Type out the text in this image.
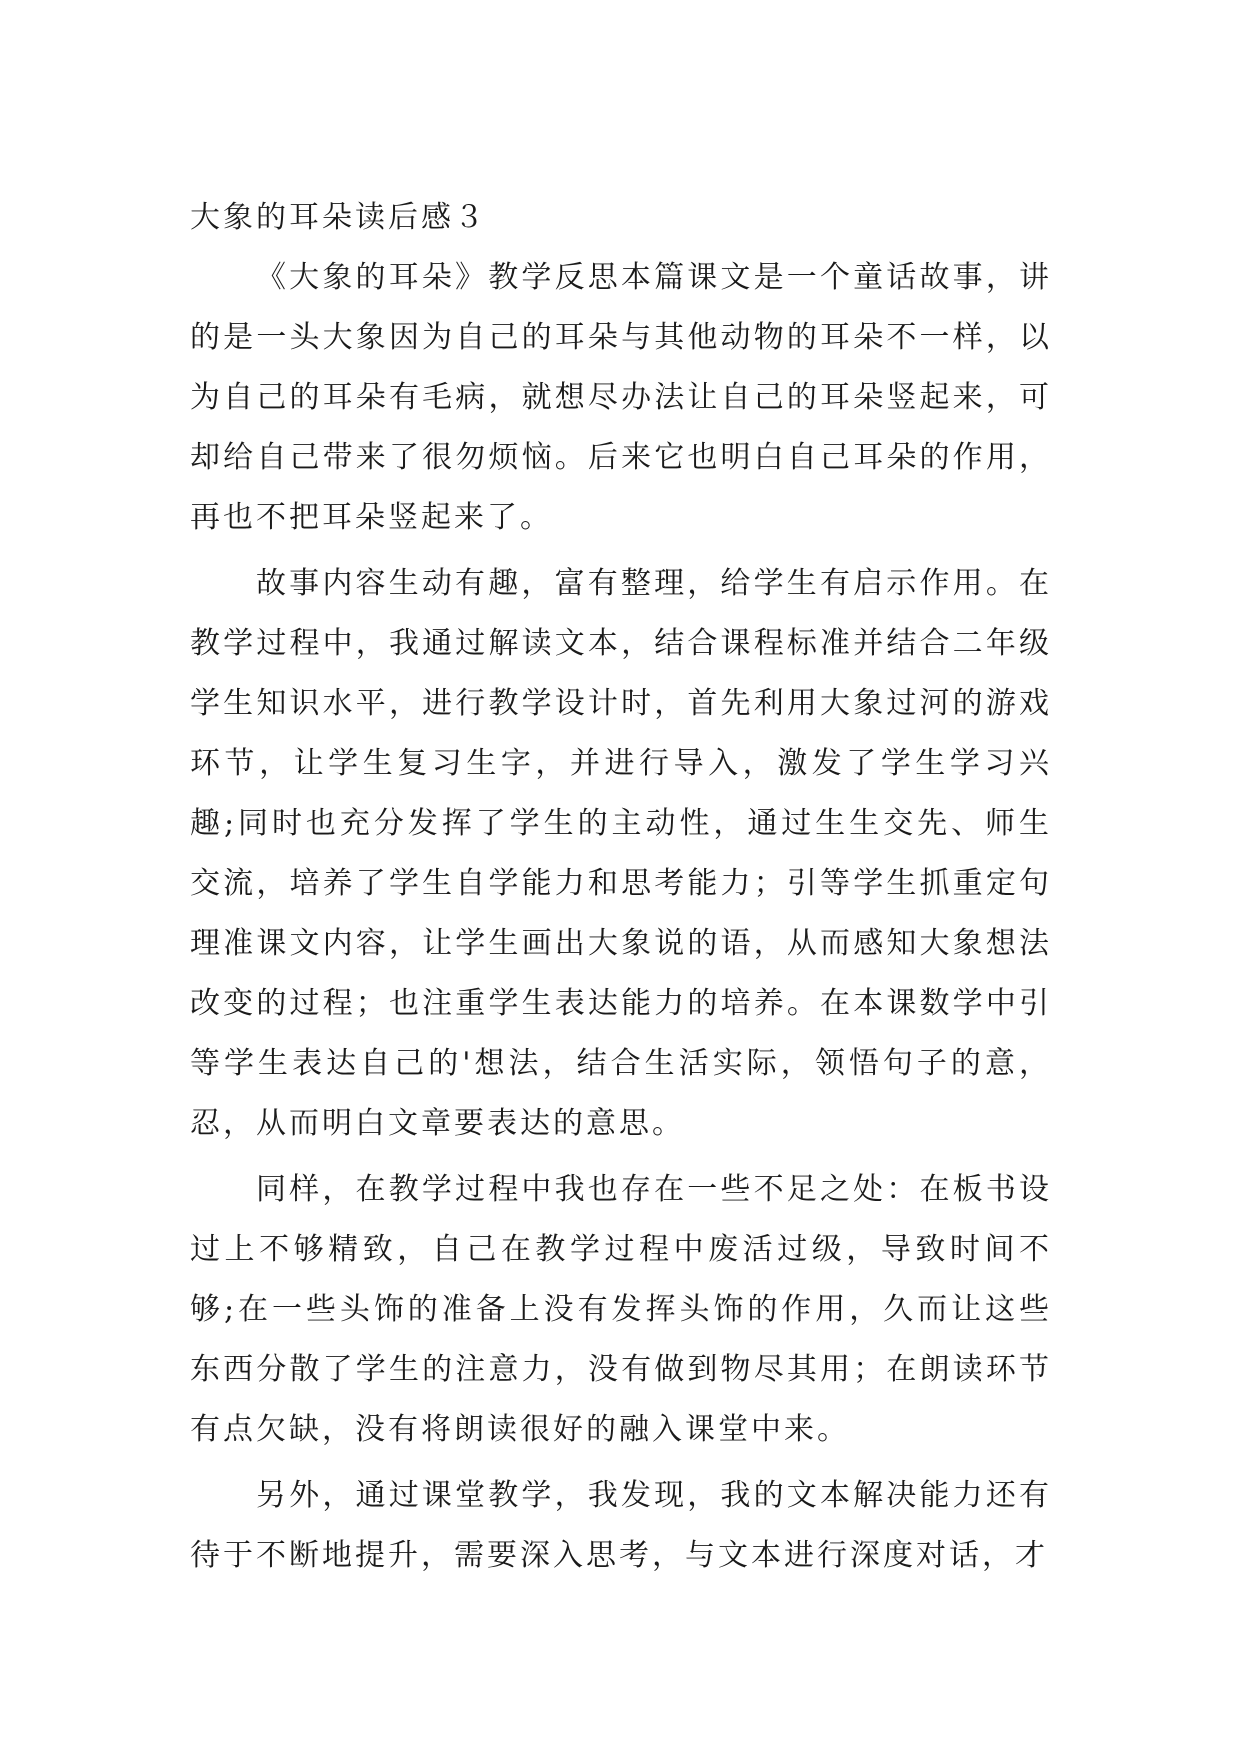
大象的耳朵读后感３

《大象的耳朵》教学反思本篇课文是一个童话故事，讲的是一头大象因为自己的耳朵与其他动物的耳朵不一样，以为自己的耳朵有毛病，就想尽办法让自己的耳朵竖起来，可却给自己带来了很勿烦恼。后来它也明白自己耳朵的作用，再也不把耳朵竖起来了。

故事内容生动有趣，富有整理，给学生有启示作用。在教学过程中，我通过解读文本，结合课程标准并结合二年级学生知识水平，进行教学设计时，首先利用大象过河的游戏环节，让学生复习生字，并进行导入，激发了学生学习兴趣;同时也充分发挥了学生的主动性，通过生生交先、师生交流，培养了学生自学能力和思考能力；引等学生抓重定句理准课文内容，让学生画出大象说的语，从而感知大象想法改变的过程；也注重学生表达能力的培养。在本课数学中引等学生表达自己的'想法，结合生活实际，领悟句子的意，忍，从而明白文章要表达的意思。

同样，在教学过程中我也存在一些不足之处：在板书设过上不够精致，自己在教学过程中废活过级，导致时间不够;在一些头饰的准备上没有发挥头饰的作用，久而让这些东西分散了学生的注意力，没有做到物尽其用；在朗读环节有点欠缺，没有将朗读很好的融入课堂中来。

另外，通过课堂教学，我发现，我的文本解决能力还有待于不断地提升，需要深入思考，与文本进行深度对话，才
